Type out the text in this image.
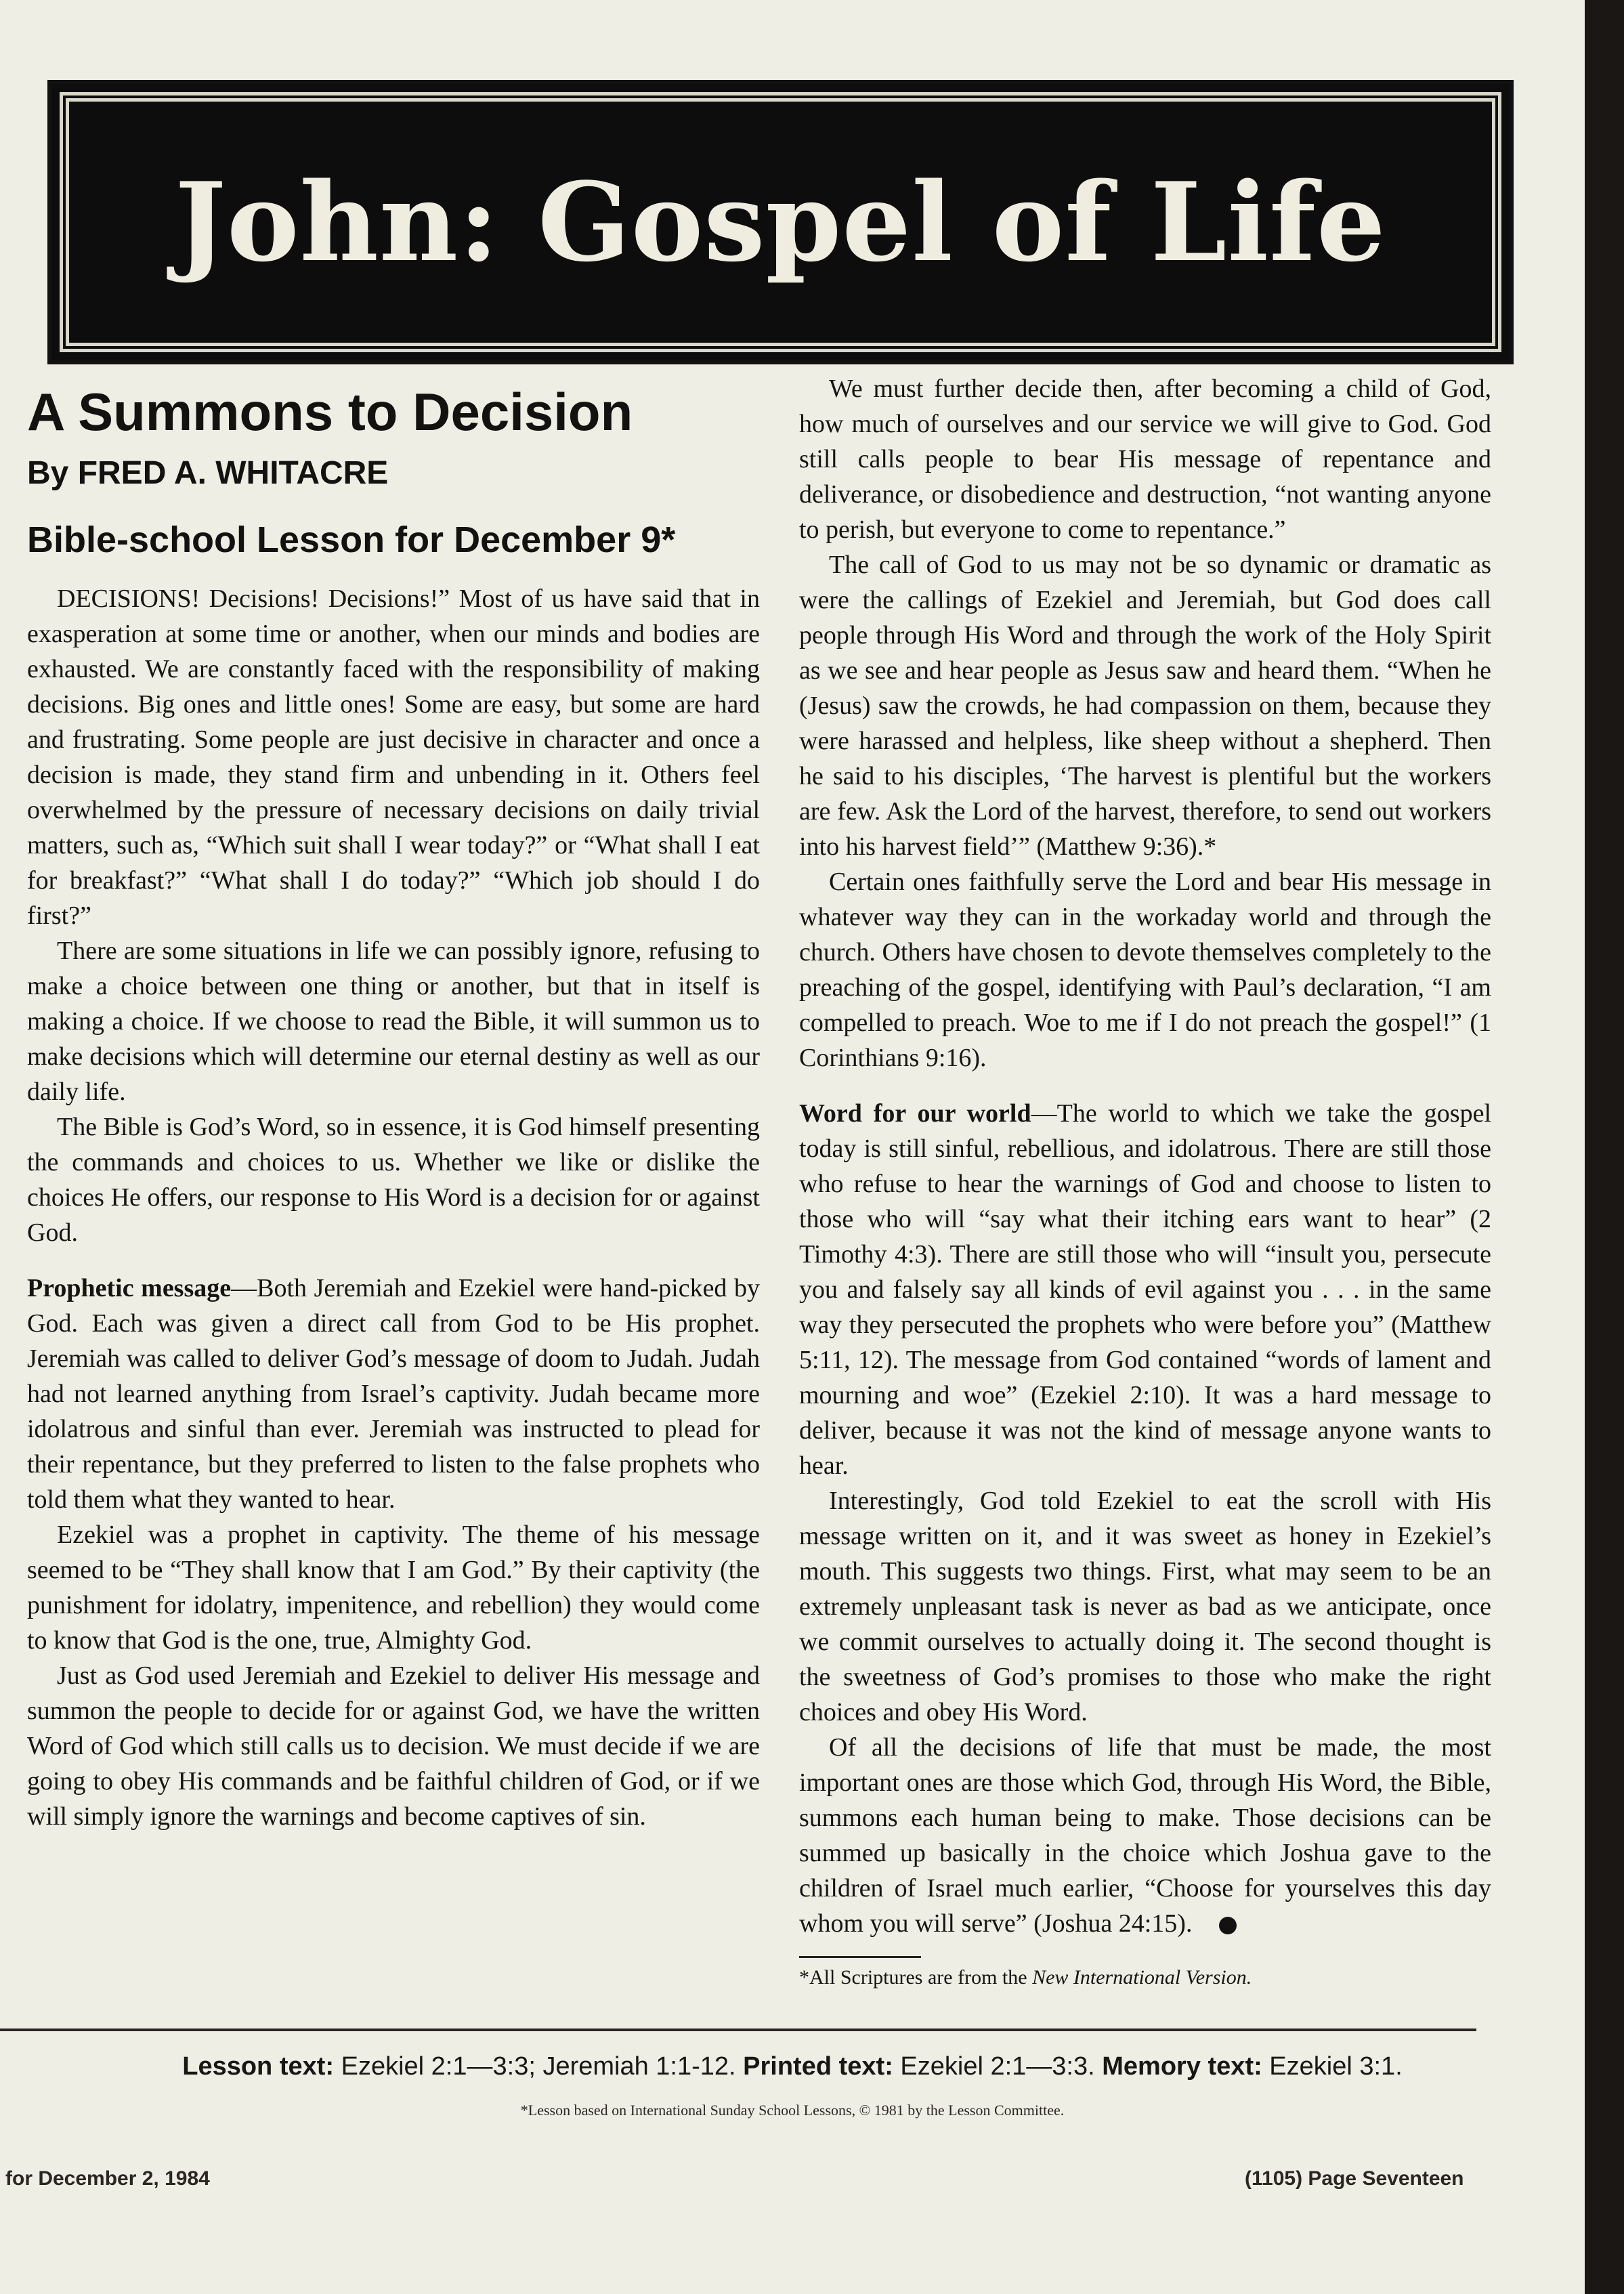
John: Gospel of Life
A Summons to Decision
By FRED A. WHITACRE
Bible-school Lesson for December 9*

DECISIONS! Decisions! Decisions!” Most of us have said that in exasperation at some time or another, when our minds and bodies are exhausted. We are constantly faced with the responsibility of making decisions. Big ones and little ones! Some are easy, but some are hard and frustrating. Some people are just decisive in character and once a decision is made, they stand firm and unbending in it. Others feel overwhelmed by the pressure of necessary decisions on daily trivial matters, such as, “Which suit shall I wear today?” or “What shall I eat for breakfast?” “What shall I do today?” “Which job should I do first?”

There are some situations in life we can possibly ignore, refusing to make a choice between one thing or another, but that in itself is making a choice. If we choose to read the Bible, it will summon us to make decisions which will determine our eternal destiny as well as our daily life.

The Bible is God’s Word, so in essence, it is God himself presenting the commands and choices to us. Whether we like or dislike the choices He offers, our response to His Word is a decision for or against God.

Prophetic message—Both Jeremiah and Ezekiel were hand-picked by God. Each was given a direct call from God to be His prophet. Jeremiah was called to deliver God’s message of doom to Judah. Judah had not learned anything from Israel’s captivity. Judah became more idolatrous and sinful than ever. Jeremiah was instructed to plead for their repentance, but they preferred to listen to the false prophets who told them what they wanted to hear.

Ezekiel was a prophet in captivity. The theme of his message seemed to be “They shall know that I am God.” By their captivity (the punishment for idolatry, impenitence, and rebellion) they would come to know that God is the one, true, Almighty God.

Just as God used Jeremiah and Ezekiel to deliver His message and summon the people to decide for or against God, we have the written Word of God which still calls us to decision. We must decide if we are going to obey His commands and be faithful children of God, or if we will simply ignore the warnings and become captives of sin.

We must further decide then, after becoming a child of God, how much of ourselves and our service we will give to God. God still calls people to bear His message of repentance and deliverance, or disobedience and destruction, “not wanting anyone to perish, but everyone to come to repentance.”

The call of God to us may not be so dynamic or dramatic as were the callings of Ezekiel and Jeremiah, but God does call people through His Word and through the work of the Holy Spirit as we see and hear people as Jesus saw and heard them. “When he (Jesus) saw the crowds, he had compassion on them, because they were harassed and helpless, like sheep without a shepherd. Then he said to his disciples, ‘The harvest is plentiful but the workers are few. Ask the Lord of the harvest, therefore, to send out workers into his harvest field’” (Matthew 9:36).*

Certain ones faithfully serve the Lord and bear His message in whatever way they can in the workaday world and through the church. Others have chosen to devote themselves completely to the preaching of the gospel, identifying with Paul’s declaration, “I am compelled to preach. Woe to me if I do not preach the gospel!” (1 Corinthians 9:16).

Word for our world—The world to which we take the gospel today is still sinful, rebellious, and idolatrous. There are still those who refuse to hear the warnings of God and choose to listen to those who will “say what their itching ears want to hear” (2 Timothy 4:3). There are still those who will “insult you, persecute you and falsely say all kinds of evil against you . . . in the same way they persecuted the prophets who were before you” (Matthew 5:11, 12). The message from God contained “words of lament and mourning and woe” (Ezekiel 2:10). It was a hard message to deliver, because it was not the kind of message anyone wants to hear.

Interestingly, God told Ezekiel to eat the scroll with His message written on it, and it was sweet as honey in Ezekiel’s mouth. This suggests two things. First, what may seem to be an extremely unpleasant task is never as bad as we anticipate, once we commit ourselves to actually doing it. The second thought is the sweetness of God’s promises to those who make the right choices and obey His Word.

Of all the decisions of life that must be made, the most important ones are those which God, through His Word, the Bible, summons each human being to make. Those decisions can be summed up basically in the choice which Joshua gave to the children of Israel much earlier, “Choose for yourselves this day whom you will serve” (Joshua 24:15).

*All Scriptures are from the New International Version.

Lesson text: Ezekiel 2:1—3:3; Jeremiah 1:1-12. Printed text: Ezekiel 2:1—3:3. Memory text: Ezekiel 3:1.
*Lesson based on International Sunday School Lessons, © 1981 by the Lesson Committee.
for December 2, 1984	(1105) Page Seventeen
